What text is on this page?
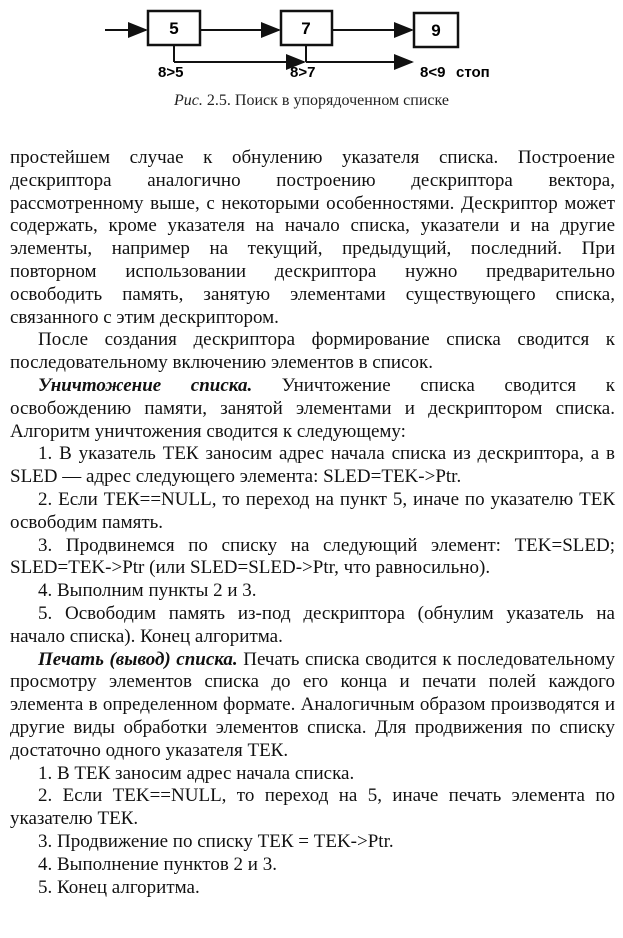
5	7	9
8>5	8>7	8<9 стоп
Рис. 2.5. Поиск в упорядоченном списке

простейшем случае к обнулению указателя списка. Построение дескриптора аналогично построению дескриптора вектора, рассмотренному выше, с некоторыми особенностями. Дескриптор может содержать, кроме указателя на начало списка, указатели и на другие элементы, например на текущий, предыдущий, последний. При повторном использовании дескриптора нужно предварительно освободить память, занятую элементами существующего списка, связанного с этим дескриптором.

После создания дескриптора формирование списка сводится к последовательному включению элементов в список.

Уничтожение списка. Уничтожение списка сводится к освобождению памяти, занятой элементами и дескриптором списка. Алгоритм уничтожения сводится к следующему:

1. В указатель ТЕК заносим адрес начала списка из дескриптора, а в SLED — адрес следующего элемента: SLED=TEK->Ptr.

2. Если ТЕК==NULL, то переход на пункт 5, иначе по указателю ТЕК освободим память.

3. Продвинемся по списку на следующий элемент: TEK=SLED; SLED=TEK->Ptr (или SLED=SLED->Ptr, что равносильно).

4. Выполним пункты 2 и 3.

5. Освободим память из-под дескриптора (обнулим указатель на начало списка). Конец алгоритма.

Печать (вывод) списка. Печать списка сводится к последовательному просмотру элементов списка до его конца и печати полей каждого элемента в определенном формате. Аналогичным образом производятся и другие виды обработки элементов списка. Для продвижения по списку достаточно одного указателя ТЕК.

1. В ТЕК заносим адрес начала списка.

2. Если TEK==NULL, то переход на 5, иначе печать элемента по указателю ТЕК.

3. Продвижение по списку ТЕК = TEK->Ptr.

4. Выполнение пунктов 2 и 3.

5. Конец алгоритма.
